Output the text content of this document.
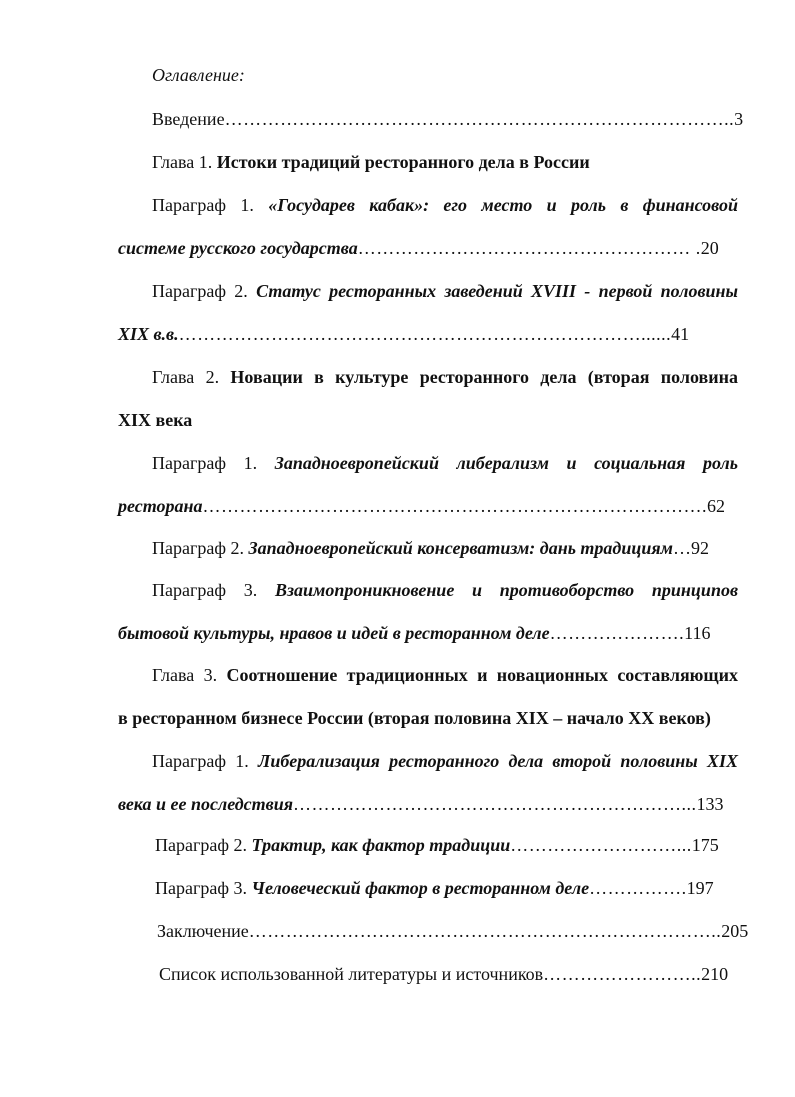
Оглавление:
Введение………………………………………………………………………..3
Глава 1. Истоки традиций ресторанного дела в России
Параграф 1. «Государев кабак»: его место и роль в финансовой
системе русского государства……………………………………………… .20
Параграф 2. Статус ресторанных заведений XVIII - первой половины
XIX в.в.…………………………………………………………………......41
Глава 2. Новации в культуре ресторанного дела (вторая половина
XIX века
Параграф 1. Западноевропейский либерализм и социальная роль
ресторана……………………………………………………………………….62
Параграф 2. Западноевропейский консерватизм: дань традициям…92
Параграф 3. Взаимопроникновение и противоборство принципов
бытовой культуры, нравов и идей в ресторанном деле………………….116
Глава 3. Соотношение традиционных и новационных составляющих
в ресторанном бизнесе России (вторая половина XIX – начало XX веков)
Параграф 1. Либерализация ресторанного дела второй половины XIX
века и ее последствия………………………………………………………...133
Параграф 2. Трактир, как фактор традиции………………………...175
Параграф 3. Человеческий фактор в ресторанном деле…………….197
Заключение…………………………………………………………………..205
Список использованной литературы и источников……………………..210
